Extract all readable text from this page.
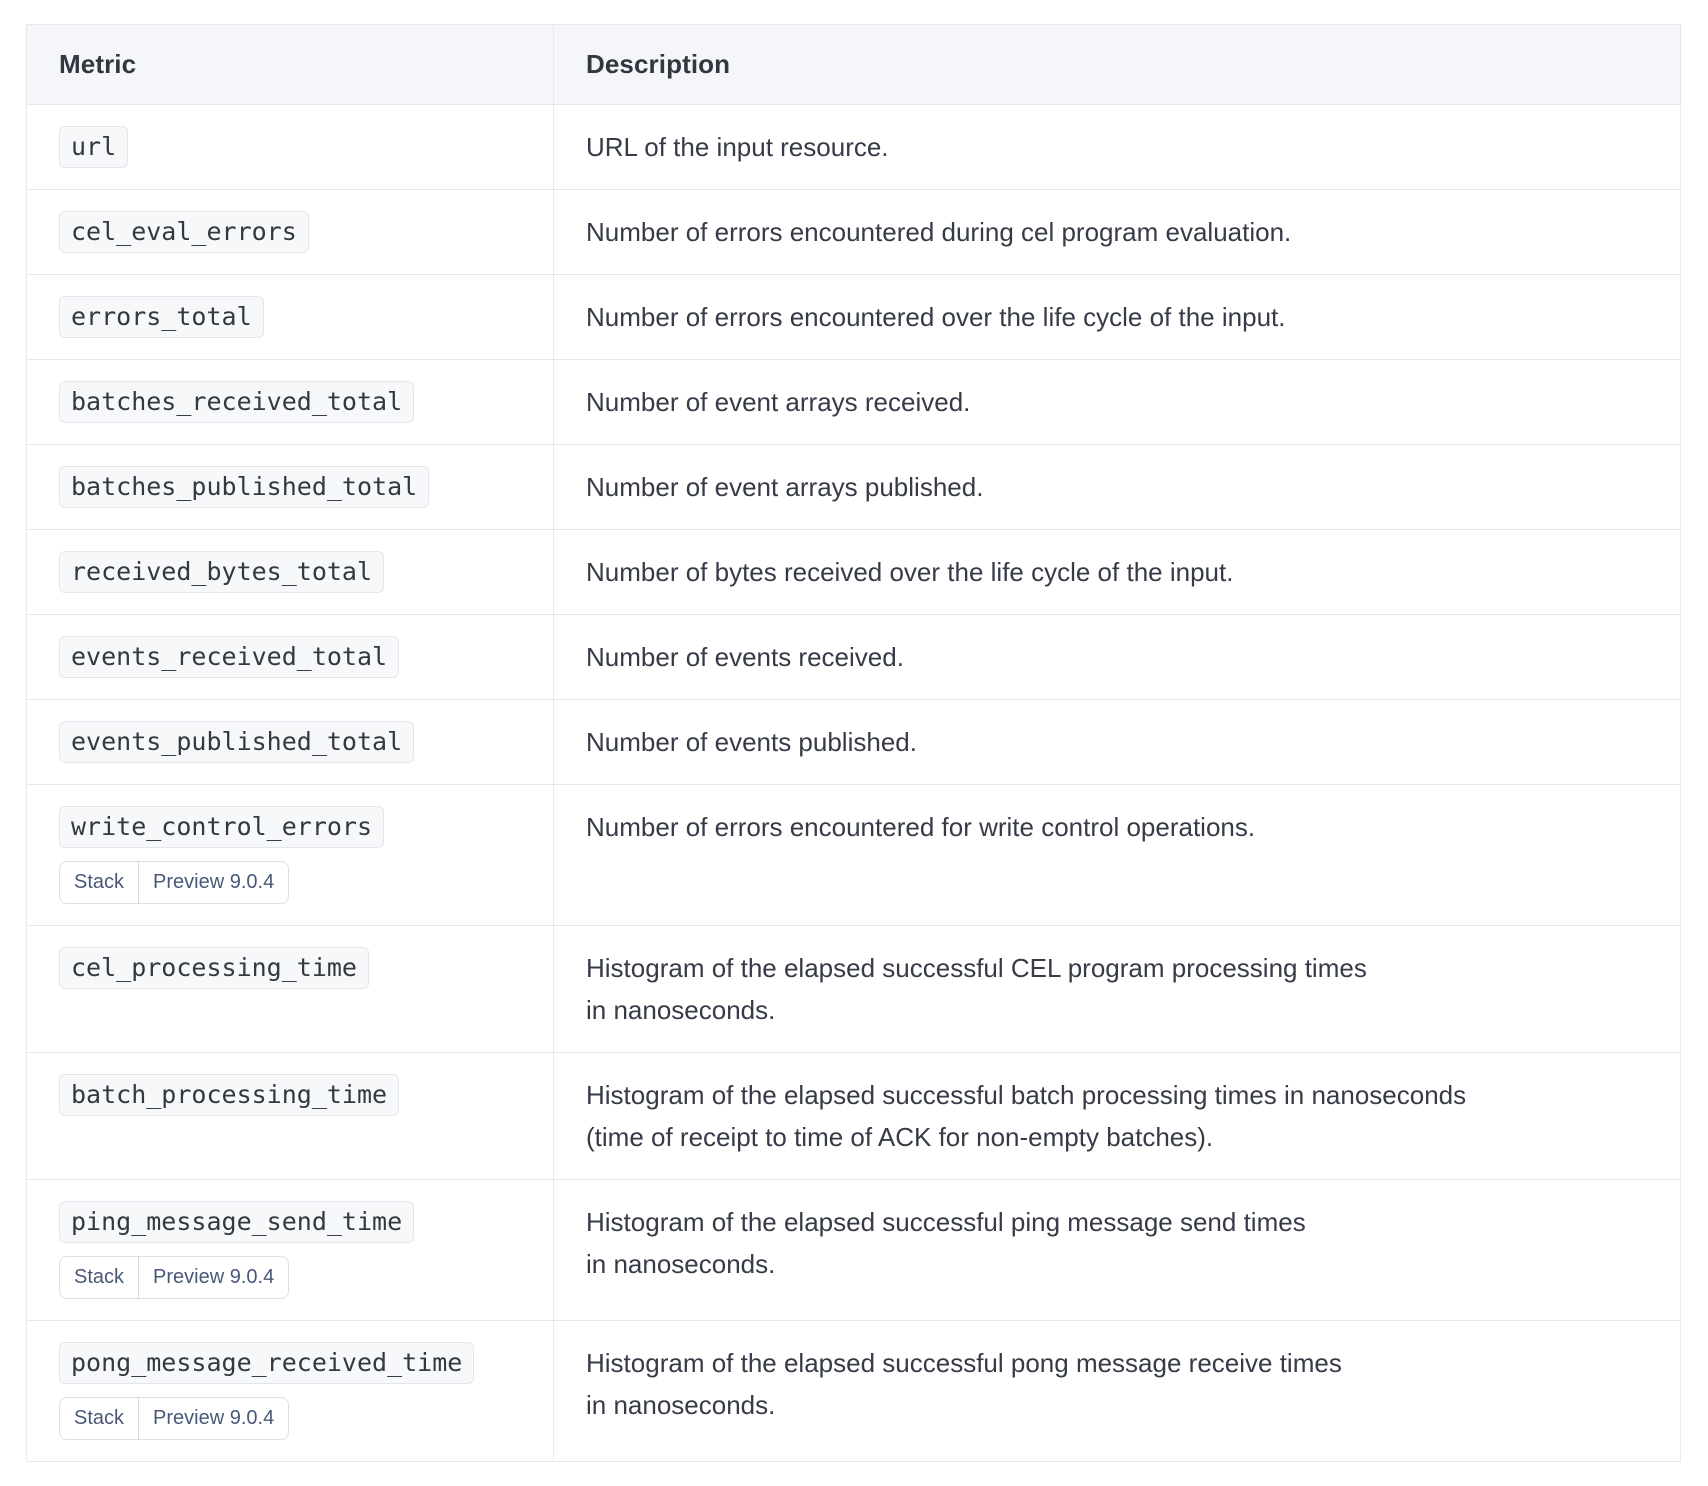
Metric	Description

url	URL of the input resource.

cel_eval_errors	Number of errors encountered during cel program evaluation.

errors_total	Number of errors encountered over the life cycle of the input.

batches_received_total	Number of event arrays received.

batches_published_total	Number of event arrays published.

received_bytes_total	Number of bytes received over the life cycle of the input.

events_received_total	Number of events received.

events_published_total	Number of events published.

write_control_errors
Stack Preview 9.0.4	Number of errors encountered for write control operations.

cel_processing_time	Histogram of the elapsed successful CEL program processing times in nanoseconds.

batch_processing_time	Histogram of the elapsed successful batch processing times in nanoseconds (time of receipt to time of ACK for non-empty batches).

ping_message_send_time
Stack Preview 9.0.4	Histogram of the elapsed successful ping message send times in nanoseconds.

pong_message_received_time
Stack Preview 9.0.4	Histogram of the elapsed successful pong message receive times in nanoseconds.
